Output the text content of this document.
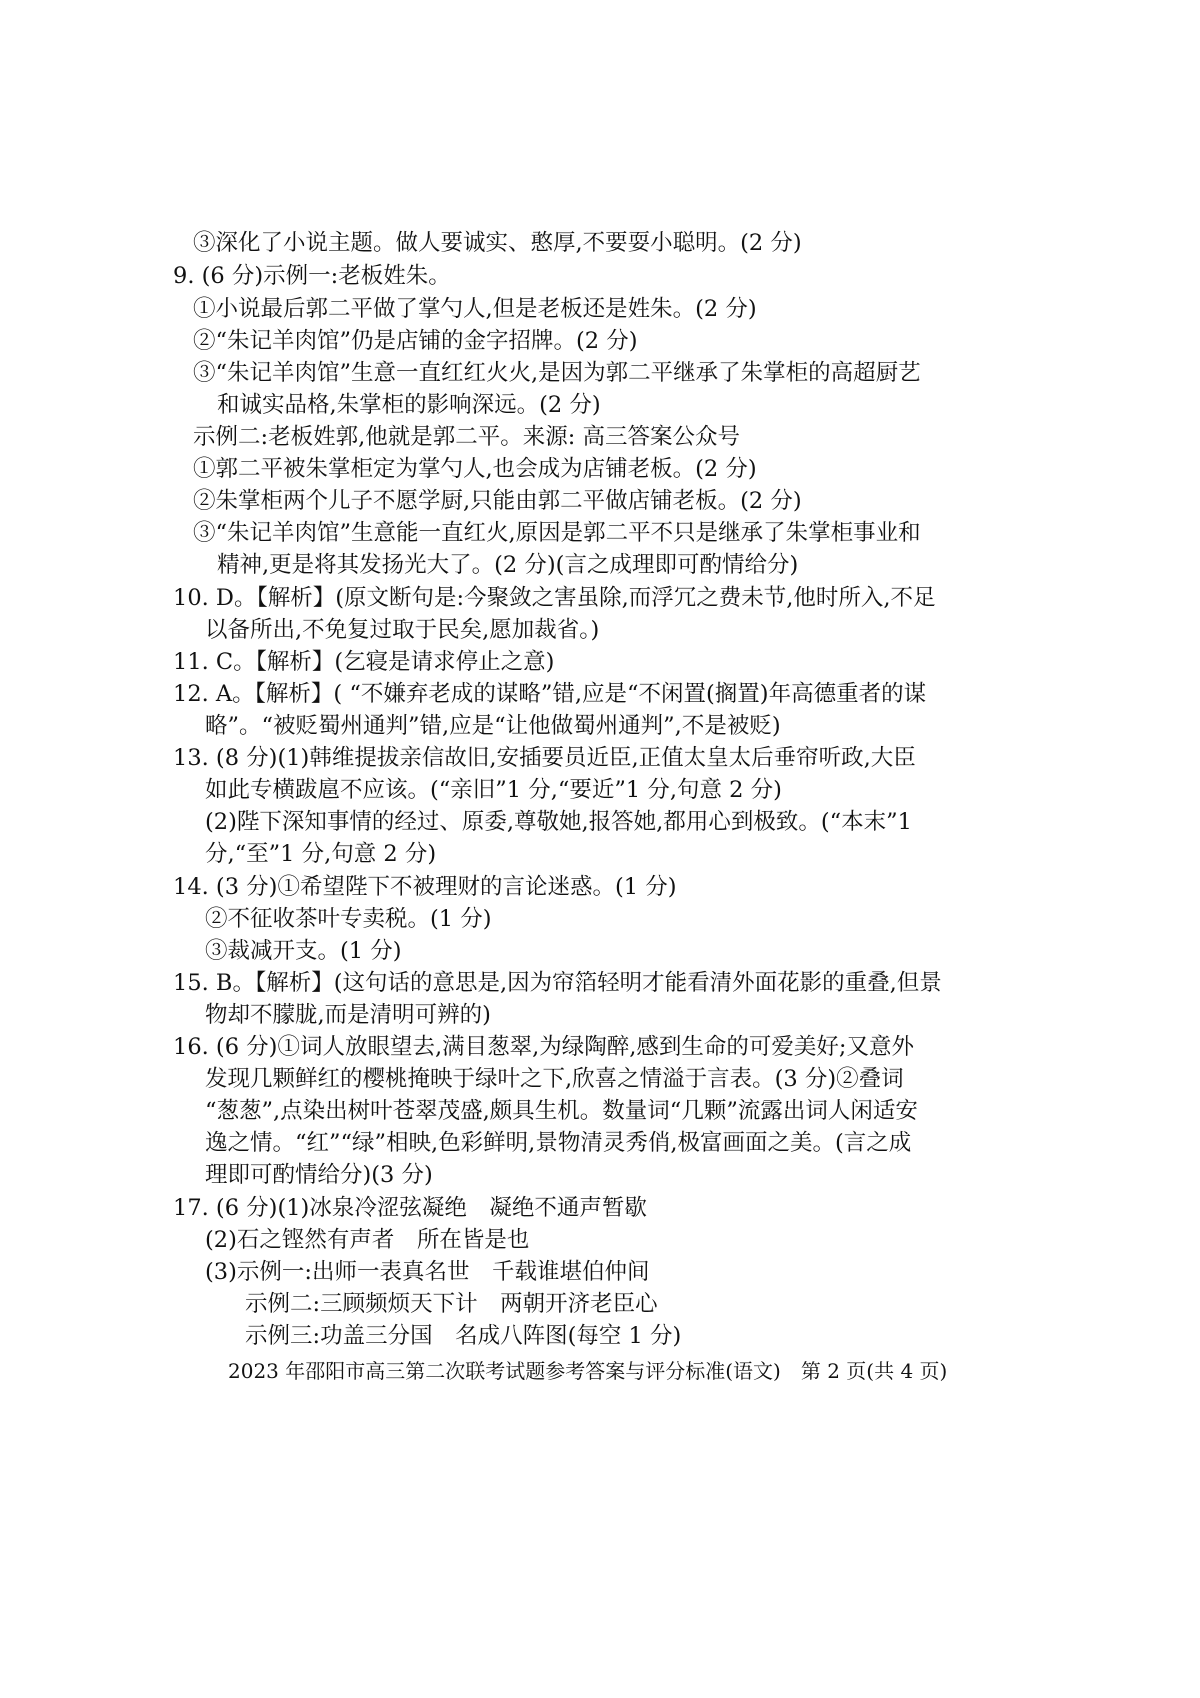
③深化了小说主题。做人要诚实、憨厚,不要耍小聪明。(2 分)
9. (6 分)示例一:老板姓朱。
①小说最后郭二平做了掌勺人,但是老板还是姓朱。(2 分)
②“朱记羊肉馆”仍是店铺的金字招牌。(2 分)
③“朱记羊肉馆”生意一直红红火火,是因为郭二平继承了朱掌柜的高超厨艺
和诚实品格,朱掌柜的影响深远。(2 分)
示例二:老板姓郭,他就是郭二平。来源: 高三答案公众号
①郭二平被朱掌柜定为掌勺人,也会成为店铺老板。(2 分)
②朱掌柜两个儿子不愿学厨,只能由郭二平做店铺老板。(2 分)
③“朱记羊肉馆”生意能一直红火,原因是郭二平不只是继承了朱掌柜事业和
精神,更是将其发扬光大了。(2 分)(言之成理即可酌情给分)
10. D。【解析】(原文断句是:今聚敛之害虽除,而浮冗之费未节,他时所入,不足
以备所出,不免复过取于民矣,愿加裁省。)
11. C。【解析】(乞寝是请求停止之意)
12. A。【解析】( “不嫌弃老成的谋略”错,应是“不闲置(搁置)年高德重者的谋
略”。“被贬蜀州通判”错,应是“让他做蜀州通判”,不是被贬)
13. (8 分)(1)韩维提拔亲信故旧,安插要员近臣,正值太皇太后垂帘听政,大臣
如此专横跋扈不应该。(“亲旧”1 分,“要近”1 分,句意 2 分)
(2)陛下深知事情的经过、原委,尊敬她,报答她,都用心到极致。(“本末”1
分,“至”1 分,句意 2 分)
14. (3 分)①希望陛下不被理财的言论迷惑。(1 分)
②不征收茶叶专卖税。(1 分)
③裁减开支。(1 分)
15. B。【解析】(这句话的意思是,因为帘箔轻明才能看清外面花影的重叠,但景
物却不朦胧,而是清明可辨的)
16. (6 分)①词人放眼望去,满目葱翠,为绿陶醉,感到生命的可爱美好;又意外
发现几颗鲜红的樱桃掩映于绿叶之下,欣喜之情溢于言表。(3 分)②叠词
“葱葱”,点染出树叶苍翠茂盛,颇具生机。数量词“几颗”流露出词人闲适安
逸之情。“红”“绿”相映,色彩鲜明,景物清灵秀俏,极富画面之美。(言之成
理即可酌情给分)(3 分)
17. (6 分)(1)冰泉冷涩弦凝绝　凝绝不通声暂歇
(2)石之铿然有声者　所在皆是也
(3)示例一:出师一表真名世　千载谁堪伯仲间
示例二:三顾频烦天下计　两朝开济老臣心
示例三:功盖三分国　名成八阵图(每空 1 分)
2023 年邵阳市高三第二次联考试题参考答案与评分标准(语文)　第 2 页(共 4 页)
